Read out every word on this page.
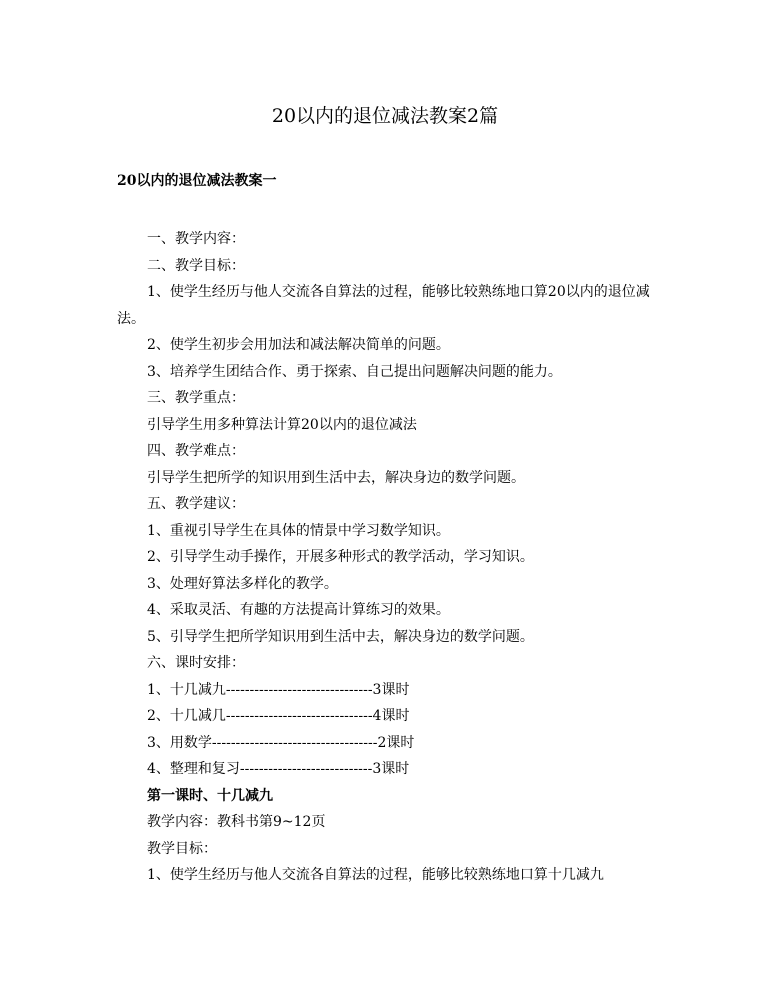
20以内的退位减法教案2篇
20以内的退位减法教案一
一、教学内容：
二、教学目标：
1、使学生经历与他人交流各自算法的过程，能够比较熟练地口算20以内的退位减法。
2、使学生初步会用加法和减法解决简单的问题。
3、培养学生团结合作、勇于探索、自己提出问题解决问题的能力。
三、教学重点：
引导学生用多种算法计算20以内的退位减法
四、教学难点：
引导学生把所学的知识用到生活中去，解决身边的数学问题。
五、教学建议：
1、重视引导学生在具体的情景中学习数学知识。
2、引导学生动手操作，开展多种形式的教学活动，学习知识。
3、处理好算法多样化的教学。
4、采取灵活、有趣的方法提高计算练习的效果。
5、引导学生把所学知识用到生活中去，解决身边的数学问题。
六、课时安排：
1、十几减九-------------------------------3课时
2、十几减几-------------------------------4课时
3、用数学-----------------------------------2课时
4、整理和复习----------------------------3课时
第一课时、十几减九
教学内容：教科书第9~12页
教学目标：
1、使学生经历与他人交流各自算法的过程，能够比较熟练地口算十几减九
